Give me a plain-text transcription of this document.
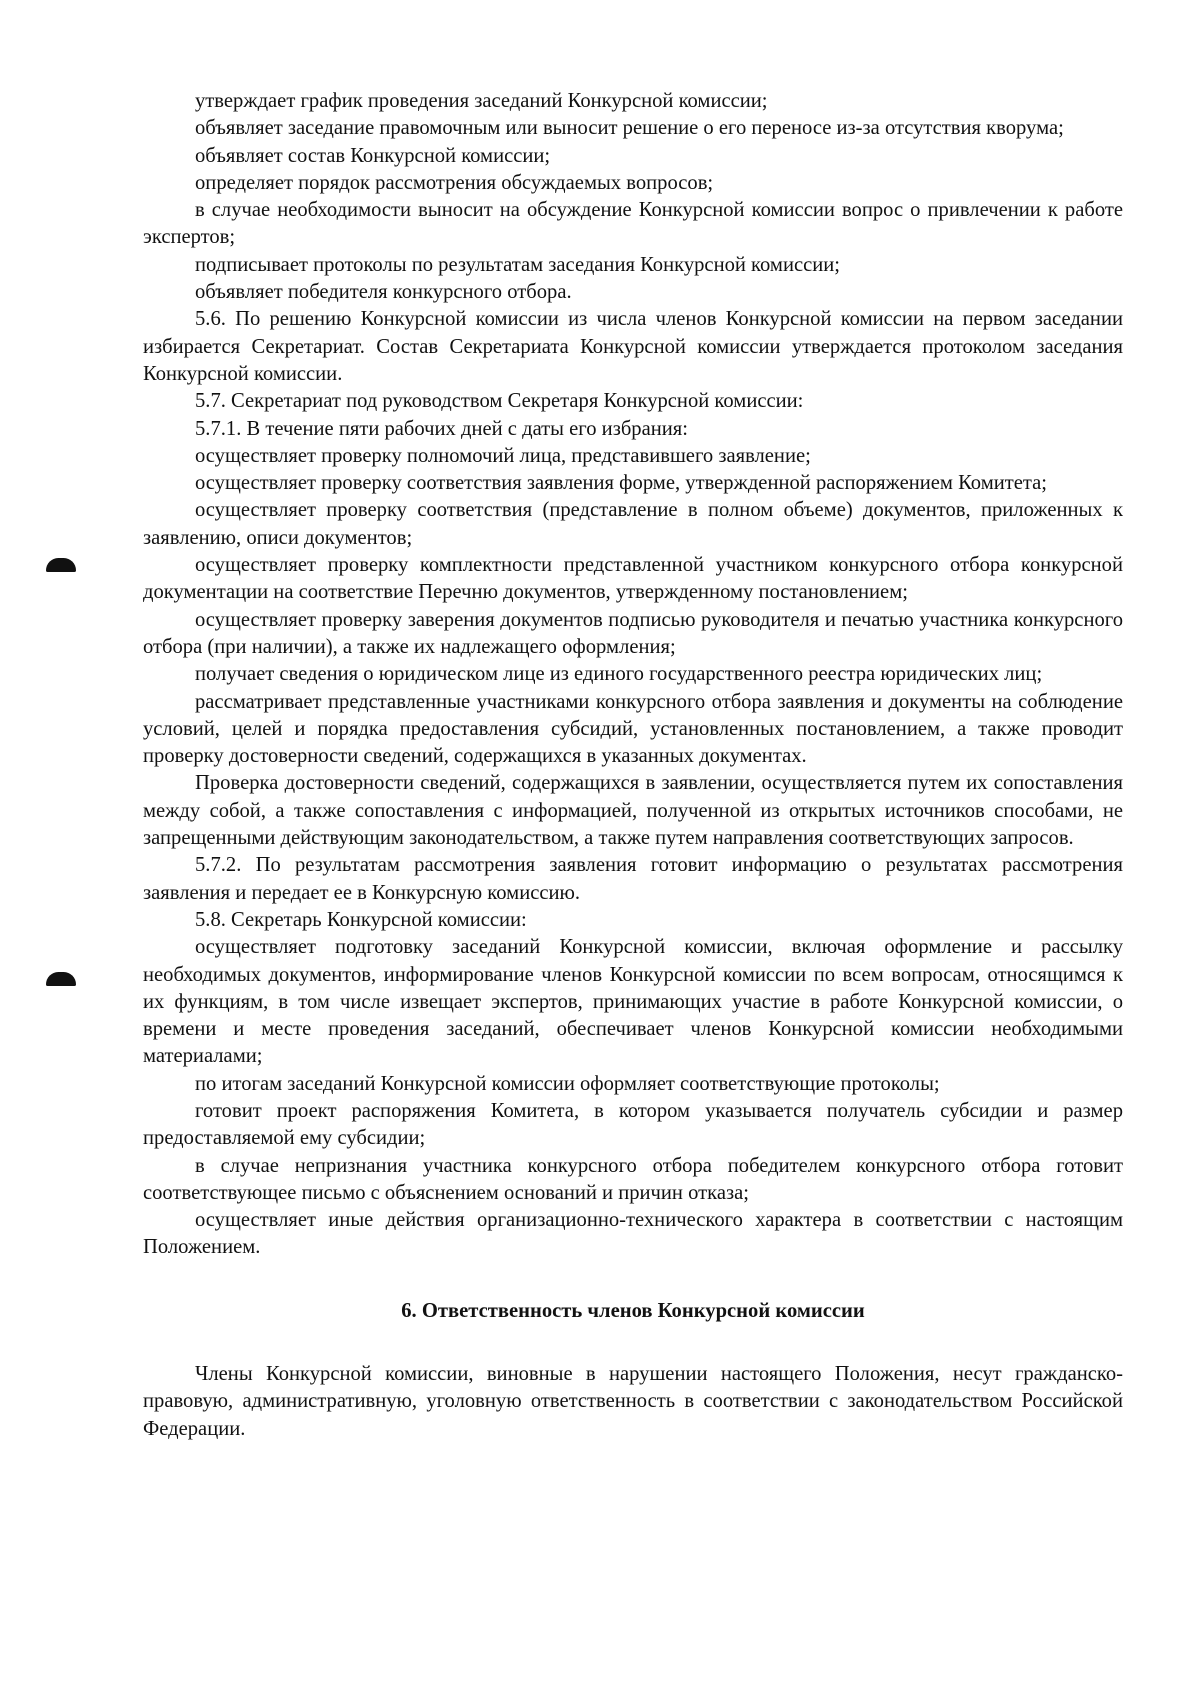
утверждает график проведения заседаний Конкурсной комиссии;

объявляет заседание правомочным или выносит решение о его переносе из-за отсутствия кворума;

объявляет состав Конкурсной комиссии;

определяет порядок рассмотрения обсуждаемых вопросов;

в случае необходимости выносит на обсуждение Конкурсной комиссии вопрос о привлечении к работе экспертов;

подписывает протоколы по результатам заседания Конкурсной комиссии;

объявляет победителя конкурсного отбора.

5.6. По решению Конкурсной комиссии из числа членов Конкурсной комиссии на первом заседании избирается Секретариат. Состав Секретариата Конкурсной комиссии утверждается протоколом заседания Конкурсной комиссии.

5.7. Секретариат под руководством Секретаря Конкурсной комиссии:

5.7.1. В течение пяти рабочих дней с даты его избрания:

осуществляет проверку полномочий лица, представившего заявление;

осуществляет проверку соответствия заявления форме, утвержденной распоряжением Комитета;

осуществляет проверку соответствия (представление в полном объеме) документов, приложенных к заявлению, описи документов;

осуществляет проверку комплектности представленной участником конкурсного отбора конкурсной документации на соответствие Перечню документов, утвержденному постановлением;

осуществляет проверку заверения документов подписью руководителя и печатью участника конкурсного отбора (при наличии), а также их надлежащего оформления;

получает сведения о юридическом лице из единого государственного реестра юридических лиц;

рассматривает представленные участниками конкурсного отбора заявления и документы на соблюдение условий, целей и порядка предоставления субсидий, установленных постановлением, а также проводит проверку достоверности сведений, содержащихся в указанных документах.

Проверка достоверности сведений, содержащихся в заявлении, осуществляется путем их сопоставления между собой, а также сопоставления с информацией, полученной из открытых источников способами, не запрещенными действующим законодательством, а также путем направления соответствующих запросов.

5.7.2. По результатам рассмотрения заявления готовит информацию о результатах рассмотрения заявления и передает ее в Конкурсную комиссию.

5.8. Секретарь Конкурсной комиссии:

осуществляет подготовку заседаний Конкурсной комиссии, включая оформление и рассылку необходимых документов, информирование членов Конкурсной комиссии по всем вопросам, относящимся к их функциям, в том числе извещает экспертов, принимающих участие в работе Конкурсной комиссии, о времени и месте проведения заседаний, обеспечивает членов Конкурсной комиссии необходимыми материалами;

по итогам заседаний Конкурсной комиссии оформляет соответствующие протоколы;

готовит проект распоряжения Комитета, в котором указывается получатель субсидии и размер предоставляемой ему субсидии;

в случае непризнания участника конкурсного отбора победителем конкурсного отбора готовит соответствующее письмо с объяснением оснований и причин отказа;

осуществляет иные действия организационно-технического характера в соответствии с настоящим Положением.

6. Ответственность членов Конкурсной комиссии

Члены Конкурсной комиссии, виновные в нарушении настоящего Положения, несут гражданско-правовую, административную, уголовную ответственность в соответствии с законодательством Российской Федерации.
